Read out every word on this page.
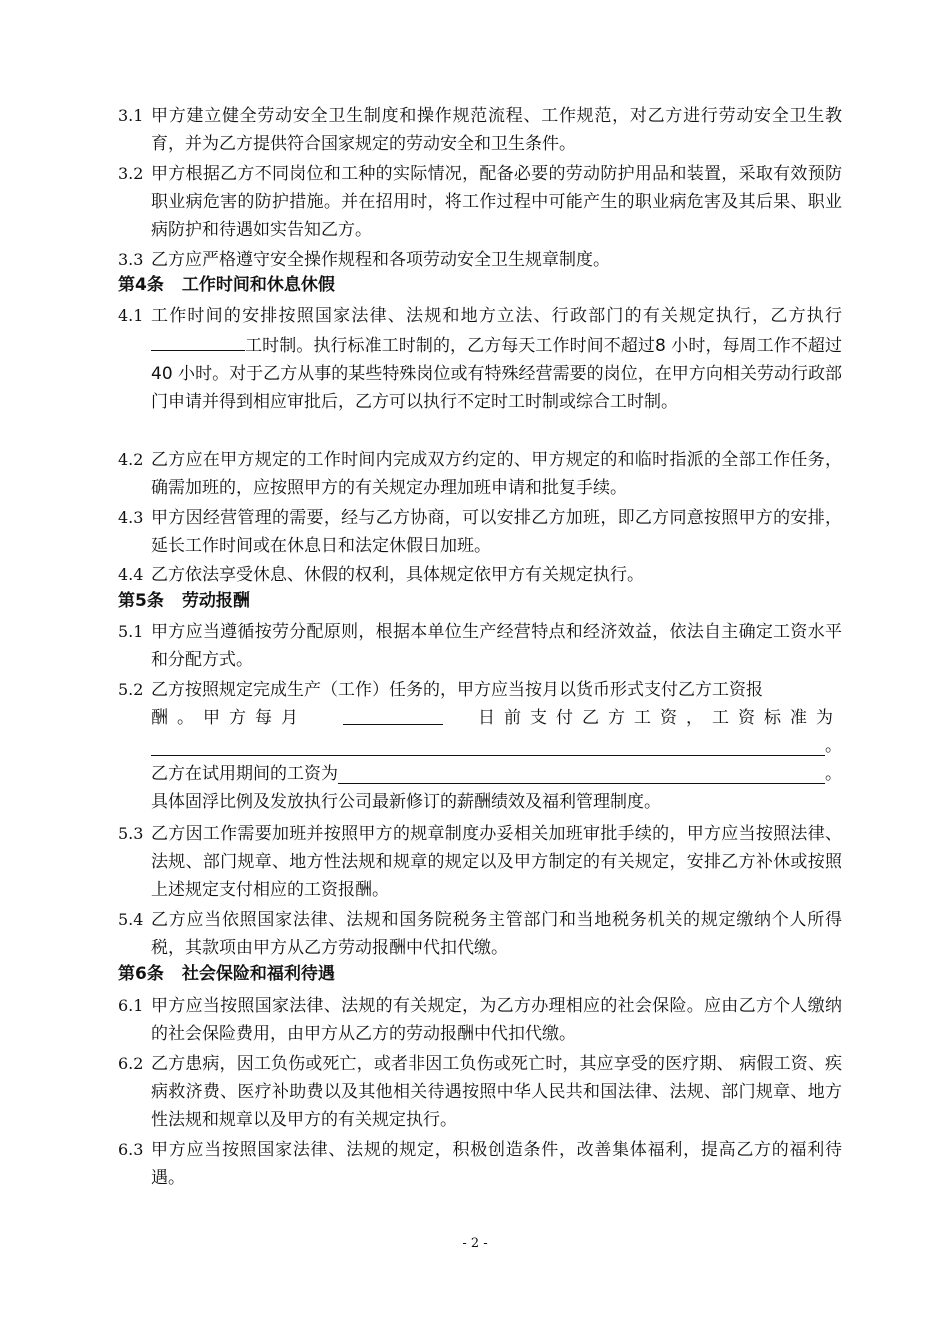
3.1 甲方建立健全劳动安全卫生制度和操作规范流程、工作规范，对乙方进行劳动安全卫生教育，并为乙方提供符合国家规定的劳动安全和卫生条件。
3.2 甲方根据乙方不同岗位和工种的实际情况，配备必要的劳动防护用品和装置，采取有效预防职业病危害的防护措施。并在招用时，将工作过程中可能产生的职业病危害及其后果、职业病防护和待遇如实告知乙方。
3.3 乙方应严格遵守安全操作规程和各项劳动安全卫生规章制度。
第4条 工作时间和休息休假
4.1 工作时间的安排按照国家法律、法规和地方立法、行政部门的有关规定执行，乙方执行工时制。执行标准工时制的，乙方每天工作时间不超过8 小时，每周工作不超过 40 小时。对于乙方从事的某些特殊岗位或有特殊经营需要的岗位，在甲方向相关劳动行政部门申请并得到相应审批后，乙方可以执行不定时工时制或综合工时制。
4.2 乙方应在甲方规定的工作时间内完成双方约定的、甲方规定的和临时指派的全部工作任务，确需加班的，应按照甲方的有关规定办理加班申请和批复手续。
4.3 甲方因经营管理的需要，经与乙方协商，可以安排乙方加班，即乙方同意按照甲方的安排，延长工作时间或在休息日和法定休假日加班。
4.4 乙方依法享受休息、休假的权利，具体规定依甲方有关规定执行。
第5条 劳动报酬
5.1 甲方应当遵循按劳分配原则，根据本单位生产经营特点和经济效益，依法自主确定工资水平和分配方式。
5.2 乙方按照规定完成生产（工作）任务的，甲方应当按月以货币形式支付乙方工资报
酬。甲方每月	日前支付乙方工资，工资标准为
。
乙方在试用期间的工资为	。
具体固浮比例及发放执行公司最新修订的薪酬绩效及福利管理制度。
5.3 乙方因工作需要加班并按照甲方的规章制度办妥相关加班审批手续的，甲方应当按照法律、法规、部门规章、地方性法规和规章的规定以及甲方制定的有关规定，安排乙方补休或按照上述规定支付相应的工资报酬。
5.4 乙方应当依照国家法律、法规和国务院税务主管部门和当地税务机关的规定缴纳个人所得税，其款项由甲方从乙方劳动报酬中代扣代缴。
第6条 社会保险和福利待遇
6.1 甲方应当按照国家法律、法规的有关规定，为乙方办理相应的社会保险。应由乙方个人缴纳的社会保险费用，由甲方从乙方的劳动报酬中代扣代缴。
6.2 乙方患病，因工负伤或死亡，或者非因工负伤或死亡时，其应享受的医疗期、 病假工资、疾病救济费、医疗补助费以及其他相关待遇按照中华人民共和国法律、法规、部门规章、地方性法规和规章以及甲方的有关规定执行。
6.3 甲方应当按照国家法律、法规的规定，积极创造条件，改善集体福利，提高乙方的福利待遇。
- 2 -
